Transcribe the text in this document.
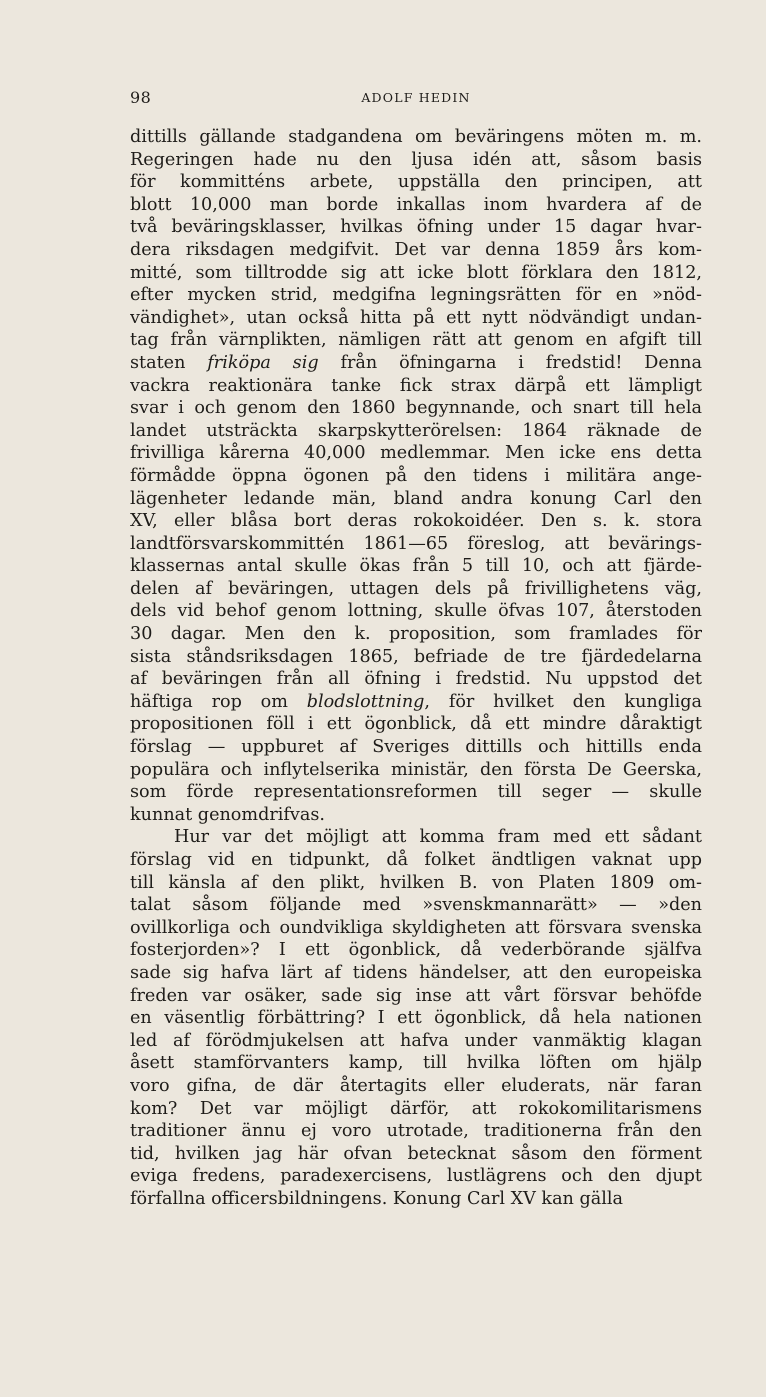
98	ADOLF HEDIN
dittills gällande stadgandena om beväringens möten m. m.
Regeringen hade nu den ljusa idén att, såsom basis
för kommitténs arbete, uppställa den principen, att
blott 10,000 man borde inkallas inom hvardera af de
två beväringsklasser, hvilkas öfning under 15 dagar hvar-
dera riksdagen medgifvit. Det var denna 1859 års kom-
mitté, som tilltrodde sig att icke blott förklara den 1812,
efter mycken strid, medgifna legningsrätten för en »nöd-
vändighet», utan också hitta på ett nytt nödvändigt undan-
tag från värnplikten, nämligen rätt att genom en afgift till
staten friköpa sig från öfningarna i fredstid! Denna
vackra reaktionära tanke fick strax därpå ett lämpligt
svar i och genom den 1860 begynnande, och snart till hela
landet utsträckta skarpskytterörelsen: 1864 räknade de
frivilliga kårerna 40,000 medlemmar. Men icke ens detta
förmådde öppna ögonen på den tidens i militära ange-
lägenheter ledande män, bland andra konung Carl den
XV, eller blåsa bort deras rokokoidéer. Den s. k. stora
landtförsvarskommittén 1861—65 föreslog, att bevärings-
klassernas antal skulle ökas från 5 till 10, och att fjärde-
delen af beväringen, uttagen dels på frivillighetens väg,
dels vid behof genom lottning, skulle öfvas 107, återstoden
30 dagar. Men den k. proposition, som framlades för
sista ståndsriksdagen 1865, befriade de tre fjärdedelarna
af beväringen från all öfning i fredstid. Nu uppstod det
häftiga rop om blodslottning, för hvilket den kungliga
propositionen föll i ett ögonblick, då ett mindre dåraktigt
förslag — uppburet af Sveriges dittills och hittills enda
populära och inflytelserika ministär, den första De Geerska,
som förde representationsreformen till seger — skulle
kunnat genomdrifvas.
Hur var det möjligt att komma fram med ett sådant
förslag vid en tidpunkt, då folket ändtligen vaknat upp
till känsla af den plikt, hvilken B. von Platen 1809 om-
talat såsom följande med »svenskmannarätt» — »den
ovillkorliga och oundvikliga skyldigheten att försvara svenska
fosterjorden»? I ett ögonblick, då vederbörande själfva
sade sig hafva lärt af tidens händelser, att den europeiska
freden var osäker, sade sig inse att vårt försvar behöfde
en väsentlig förbättring? I ett ögonblick, då hela nationen
led af förödmjukelsen att hafva under vanmäktig klagan
åsett stamförvanters kamp, till hvilka löften om hjälp
voro gifna, de där återtagits eller eluderats, när faran
kom? Det var möjligt därför, att rokokomilitarismens
traditioner ännu ej voro utrotade, traditionerna från den
tid, hvilken jag här ofvan betecknat såsom den förment
eviga fredens, paradexercisens, lustlägrens och den djupt
förfallna officersbildningens. Konung Carl XV kan gälla
